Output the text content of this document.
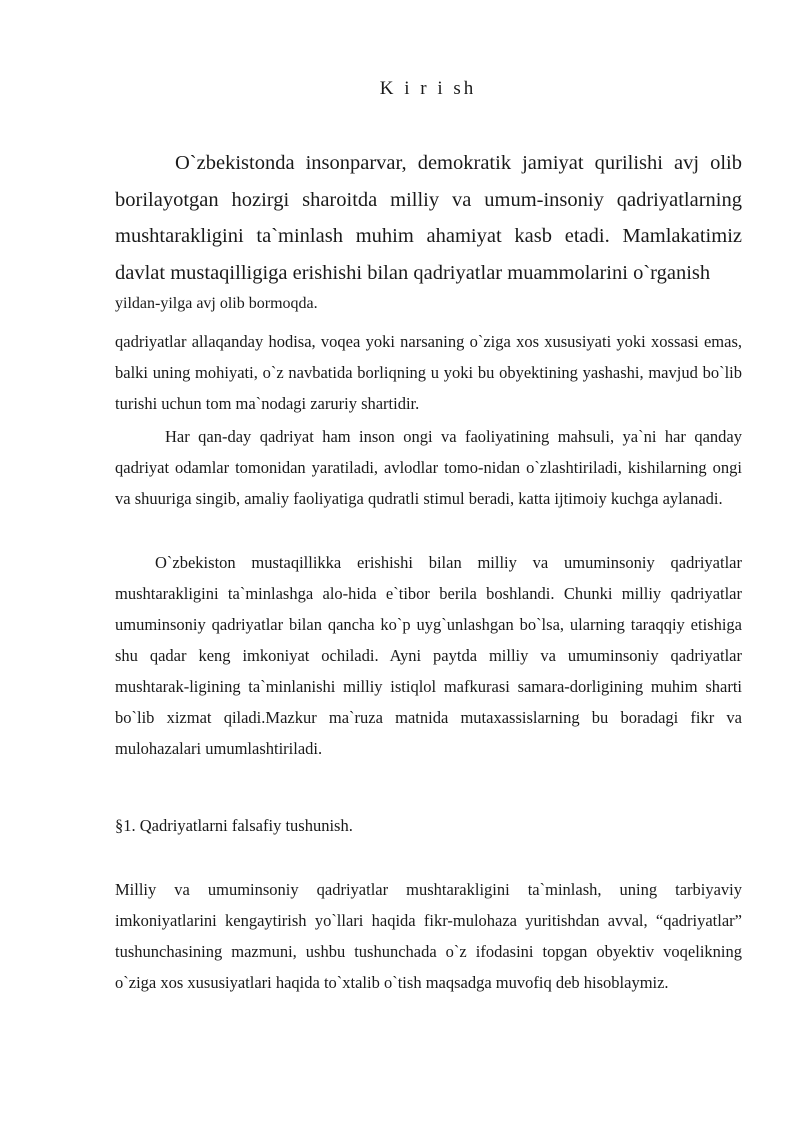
K i r i sh

O`zbekistonda insonparvar, demokratik jamiyat qurilishi avj olib borilayotgan hozirgi sharoitda milliy va umum-insoniy qadriyatlarning mushtarakligini ta`minlash muhim ahamiyat kasb etadi. Mamlakatimiz davlat mustaqilligiga erishishi bilan qadriyatlar muammolarini o`rganish

yildan-yilga avj olib bormoqda.

qadriyatlar allaqanday hodisa, voqea yoki narsaning o`ziga xos xususiyati yoki xossasi emas, balki uning mohiyati, o`z navbatida borliqning u yoki bu obyektining yashashi, mavjud bo`lib turishi uchun tom ma`nodagi zaruriy shartidir.

Har qan-day qadriyat ham inson ongi va faoliyatining mahsuli, ya`ni har qanday qadriyat odamlar tomonidan yaratiladi, avlodlar tomo-nidan o`zlashtiriladi, kishilarning ongi va shuuriga singib, amaliy faoliyatiga qudratli stimul beradi, katta ijtimoiy kuchga aylanadi.

O`zbekiston mustaqillikka erishishi bilan milliy va umuminsoniy qadriyatlar mushtarakligini ta`minlashga alo-hida e`tibor berila boshlandi. Chunki milliy qadriyatlar umuminsoniy qadriyatlar bilan qancha ko`p uyg`unlashgan bo`lsa, ularning taraqqiy etishiga shu qadar keng imkoniyat ochiladi. Ayni paytda milliy va umuminsoniy qadriyatlar mushtarak-ligining ta`minlanishi milliy istiqlol mafkurasi samara-dorligining muhim sharti bo`lib xizmat qiladi.Mazkur ma`ruza matnida mutaxassislarning bu boradagi fikr va mulohazalari umumlashtiriladi.

§1. Qadriyatlarni falsafiy tushunish.

Milliy va umuminsoniy qadriyatlar mushtarakligini ta`minlash, uning tarbiyaviy imkoniyatlarini kengaytirish yo`llari haqida fikr-mulohaza yuritishdan avval, “qadriyatlar” tushunchasining mazmuni, ushbu tushunchada o`z ifodasini topgan obyektiv voqelikning o`ziga xos xususiyatlari haqida to`xtalib o`tish maqsadga muvofiq deb hisoblaymiz.
